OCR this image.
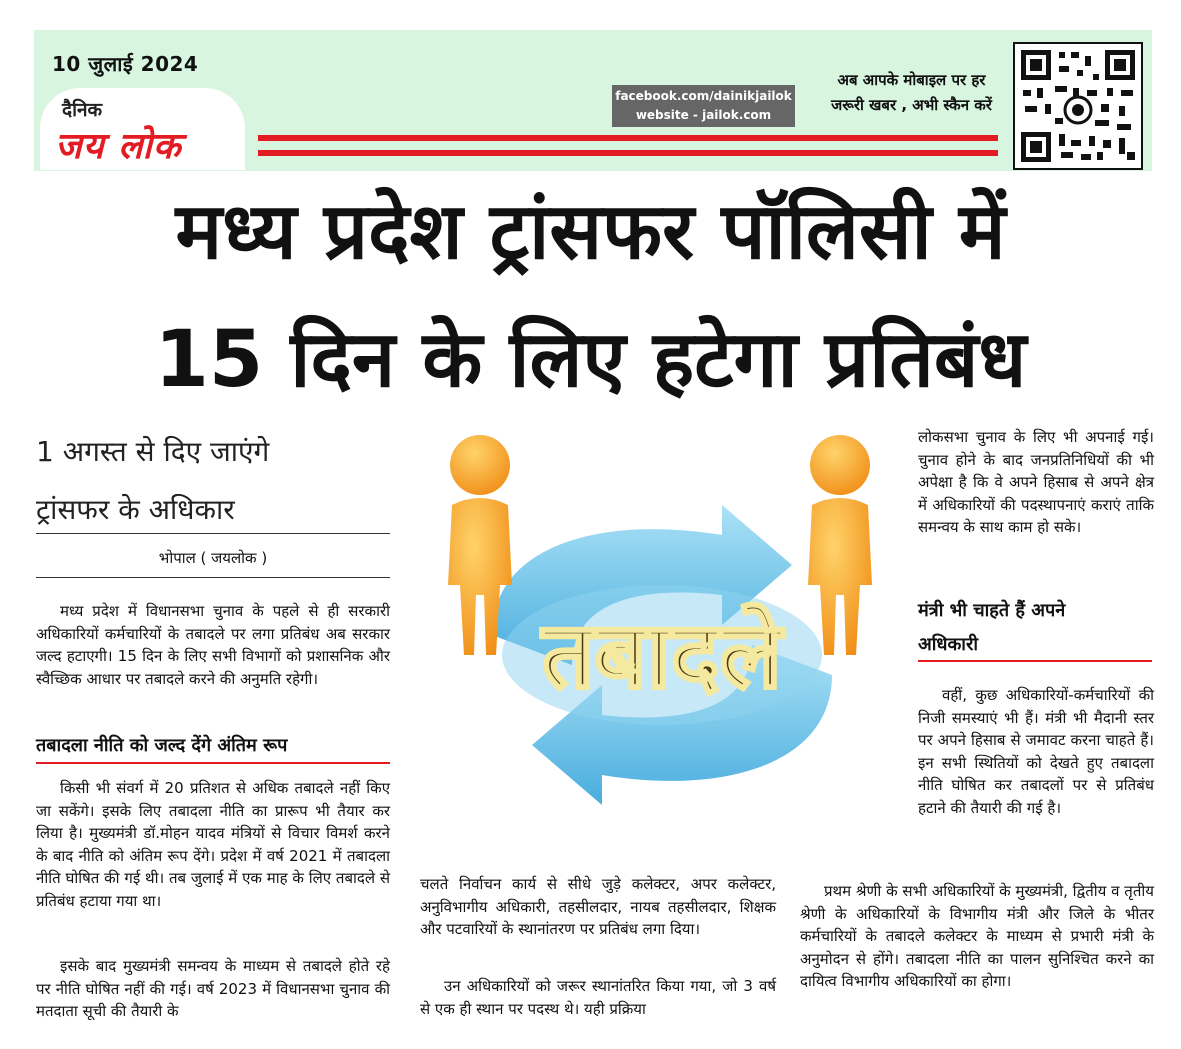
10 जुलाई 2024
दैनिक
जय लोक
facebook.com/dainikjailok
website - jailok.com
अब आपके मोबाइल पर हर
जरूरी खबर , अभी स्कैन करें
मध्य प्रदेश ट्रांसफर पॉलिसी में
15 दिन के लिए हटेगा प्रतिबंध
1 अगस्त से दिए जाएंगे
ट्रांसफर के अधिकार
भोपाल ( जयलोक )
मध्य प्रदेश में विधानसभा चुनाव के पहले से ही सरकारी अधिकारियों कर्मचारियों के तबादले पर लगा प्रतिबंध अब सरकार जल्द हटाएगी। 15 दिन के लिए सभी विभागों को प्रशासनिक और स्वैच्छिक आधार पर तबादले करने की अनुमति रहेगी।
तबादला नीति को जल्द देंगे अंतिम रूप
किसी भी संवर्ग में 20 प्रतिशत से अधिक तबादले नहीं किए जा सकेंगे। इसके लिए तबादला नीति का प्रारूप भी तैयार कर लिया है। मुख्यमंत्री डॉ.मोहन यादव मंत्रियों से विचार विमर्श करने के बाद नीति को अंतिम रूप देंगे। प्रदेश में वर्ष 2021 में तबादला नीति घोषित की गई थी। तब जुलाई में एक माह के लिए तबादले से प्रतिबंध हटाया गया था।
इसके बाद मुख्यमंत्री समन्वय के माध्यम से तबादले होते रहे पर नीति घोषित नहीं की गई। वर्ष 2023 में विधानसभा चुनाव की मतदाता सूची की तैयारी के
तबादले
चलते निर्वाचन कार्य से सीधे जुड़े कलेक्टर, अपर कलेक्टर, अनुविभागीय अधिकारी, तहसीलदार, नायब तहसीलदार, शिक्षक और पटवारियों के स्थानांतरण पर प्रतिबंध लगा दिया।
उन अधिकारियों को जरूर स्थानांतरित किया गया, जो 3 वर्ष से एक ही स्थान पर पदस्थ थे। यही प्रक्रिया
लोकसभा चुनाव के लिए भी अपनाई गई। चुनाव होने के बाद जनप्रतिनिधियों की भी अपेक्षा है कि वे अपने हिसाब से अपने क्षेत्र में अधिकारियों की पदस्थापनाएं कराएं ताकि समन्वय के साथ काम हो सके।
मंत्री भी चाहते हैं अपने
अधिकारी
वहीं, कुछ अधिकारियों-कर्मचारियों की निजी समस्याएं भी हैं। मंत्री भी मैदानी स्तर पर अपने हिसाब से जमावट करना चाहते हैं। इन सभी स्थितियों को देखते हुए तबादला नीति घोषित कर तबादलों पर से प्रतिबंध हटाने की तैयारी की गई है।
प्रथम श्रेणी के सभी अधिकारियों के मुख्यमंत्री, द्वितीय व तृतीय श्रेणी के अधिकारियों के विभागीय मंत्री और जिले के भीतर कर्मचारियों के तबादले कलेक्टर के माध्यम से प्रभारी मंत्री के अनुमोदन से होंगे। तबादला नीति का पालन सुनिश्चित करने का दायित्व विभागीय अधिकारियों का होगा।
